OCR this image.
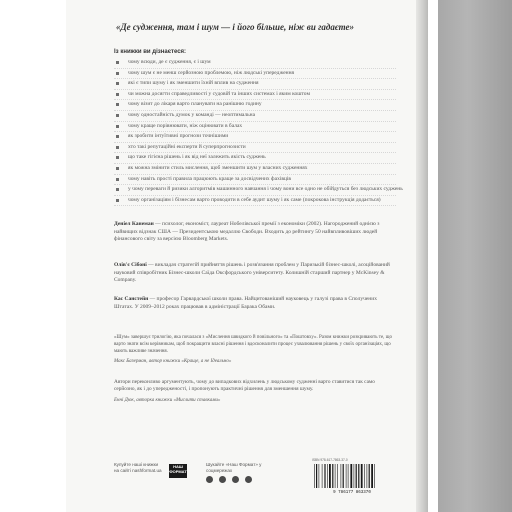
«Де судження, там і шум — і його більше, ніж ви гадаєте»
Із книжки ви дізнаєтеся:
чому всюди, де є судження, є і шум
чому шум є не менш серйозною проблемою, ніж людські упередження
які є типи шуму і як зменшити їхній вплив на судження
чи можна досягти справедливості у судовій та інших системах і яким коштом
чому візит до лікаря варто планувати на ранішню годину
чому одностайність думок у команді — неоптимальна
чому краще порівнювати, ніж оцінювати в балах
як зробити інтуїтивні прогнози точнішими
хто такі репутаційні експерти й суперпрогнозисти
що таке гігієна рішень і як від неї залежить якість суджень
як можна змінити стиль мислення, щоб зменшити шум у власних судженнях
чому навіть прості правила працюють краще за досвідчених фахівців
у чому переваги й ризики алгоритмів машинного навчання і чому вони все одно не обійдуться без людських суджень
чому організаціям і бізнесам варто проводити в себе аудит шуму і як саме (покрокова інструкція додається)
Деніел Канеман — психолог, економіст, лауреат Нобелівської премії з економіки (2002). Нагороджений однією з найвищих відзнак США — Президентською медаллю Свободи. Входить до рейтингу 50 найвпливовіших людей фінансового світу за версією Bloomberg Markets.
Олів'є Сібоні — викладач стратегій прийняття рішень і розв'язання проблем у Паризькій бізнес-школі, асоційований науковий співробітник Бізнес-школи Саїда Оксфордського університету. Колишній старший партнер у McKinsey & Company.
Кас Санстейн — професор Гарвардської школи права. Найцитованіший науковець у галузі права в Сполучених Штатах. У 2009–2012 роках працював в адміністрації Барака Обами.
«Шум» завершує трилогію, яка почалася з «Мислення швидкого й повільного» та «Поштовху». Разом книжки розкривають те, що варто знати всім керівникам, щоб покращити власні рішення і вдосконалити процес ухвалювання рішень у своїх організаціях, що мають важливе значення.
Макс Базерман, автор книжки «Краще, а не Ідеально»
Автори переконливо аргументують, чому до випадкових відхилень у людському судженні варто ставитися так само серйозно, як і до упередженості, і пропонують практичні рішення для зменшення шуму.
Енні Дюк, авторка книжки «Мислити ставками»
Купуйте наші книжки на сайті nashformat.ua
НАШ ФОРМАТ
Шукайте «Наш Формат» у соцмережах
ISBN 978-617-7863-37-0
9 786177 863370
